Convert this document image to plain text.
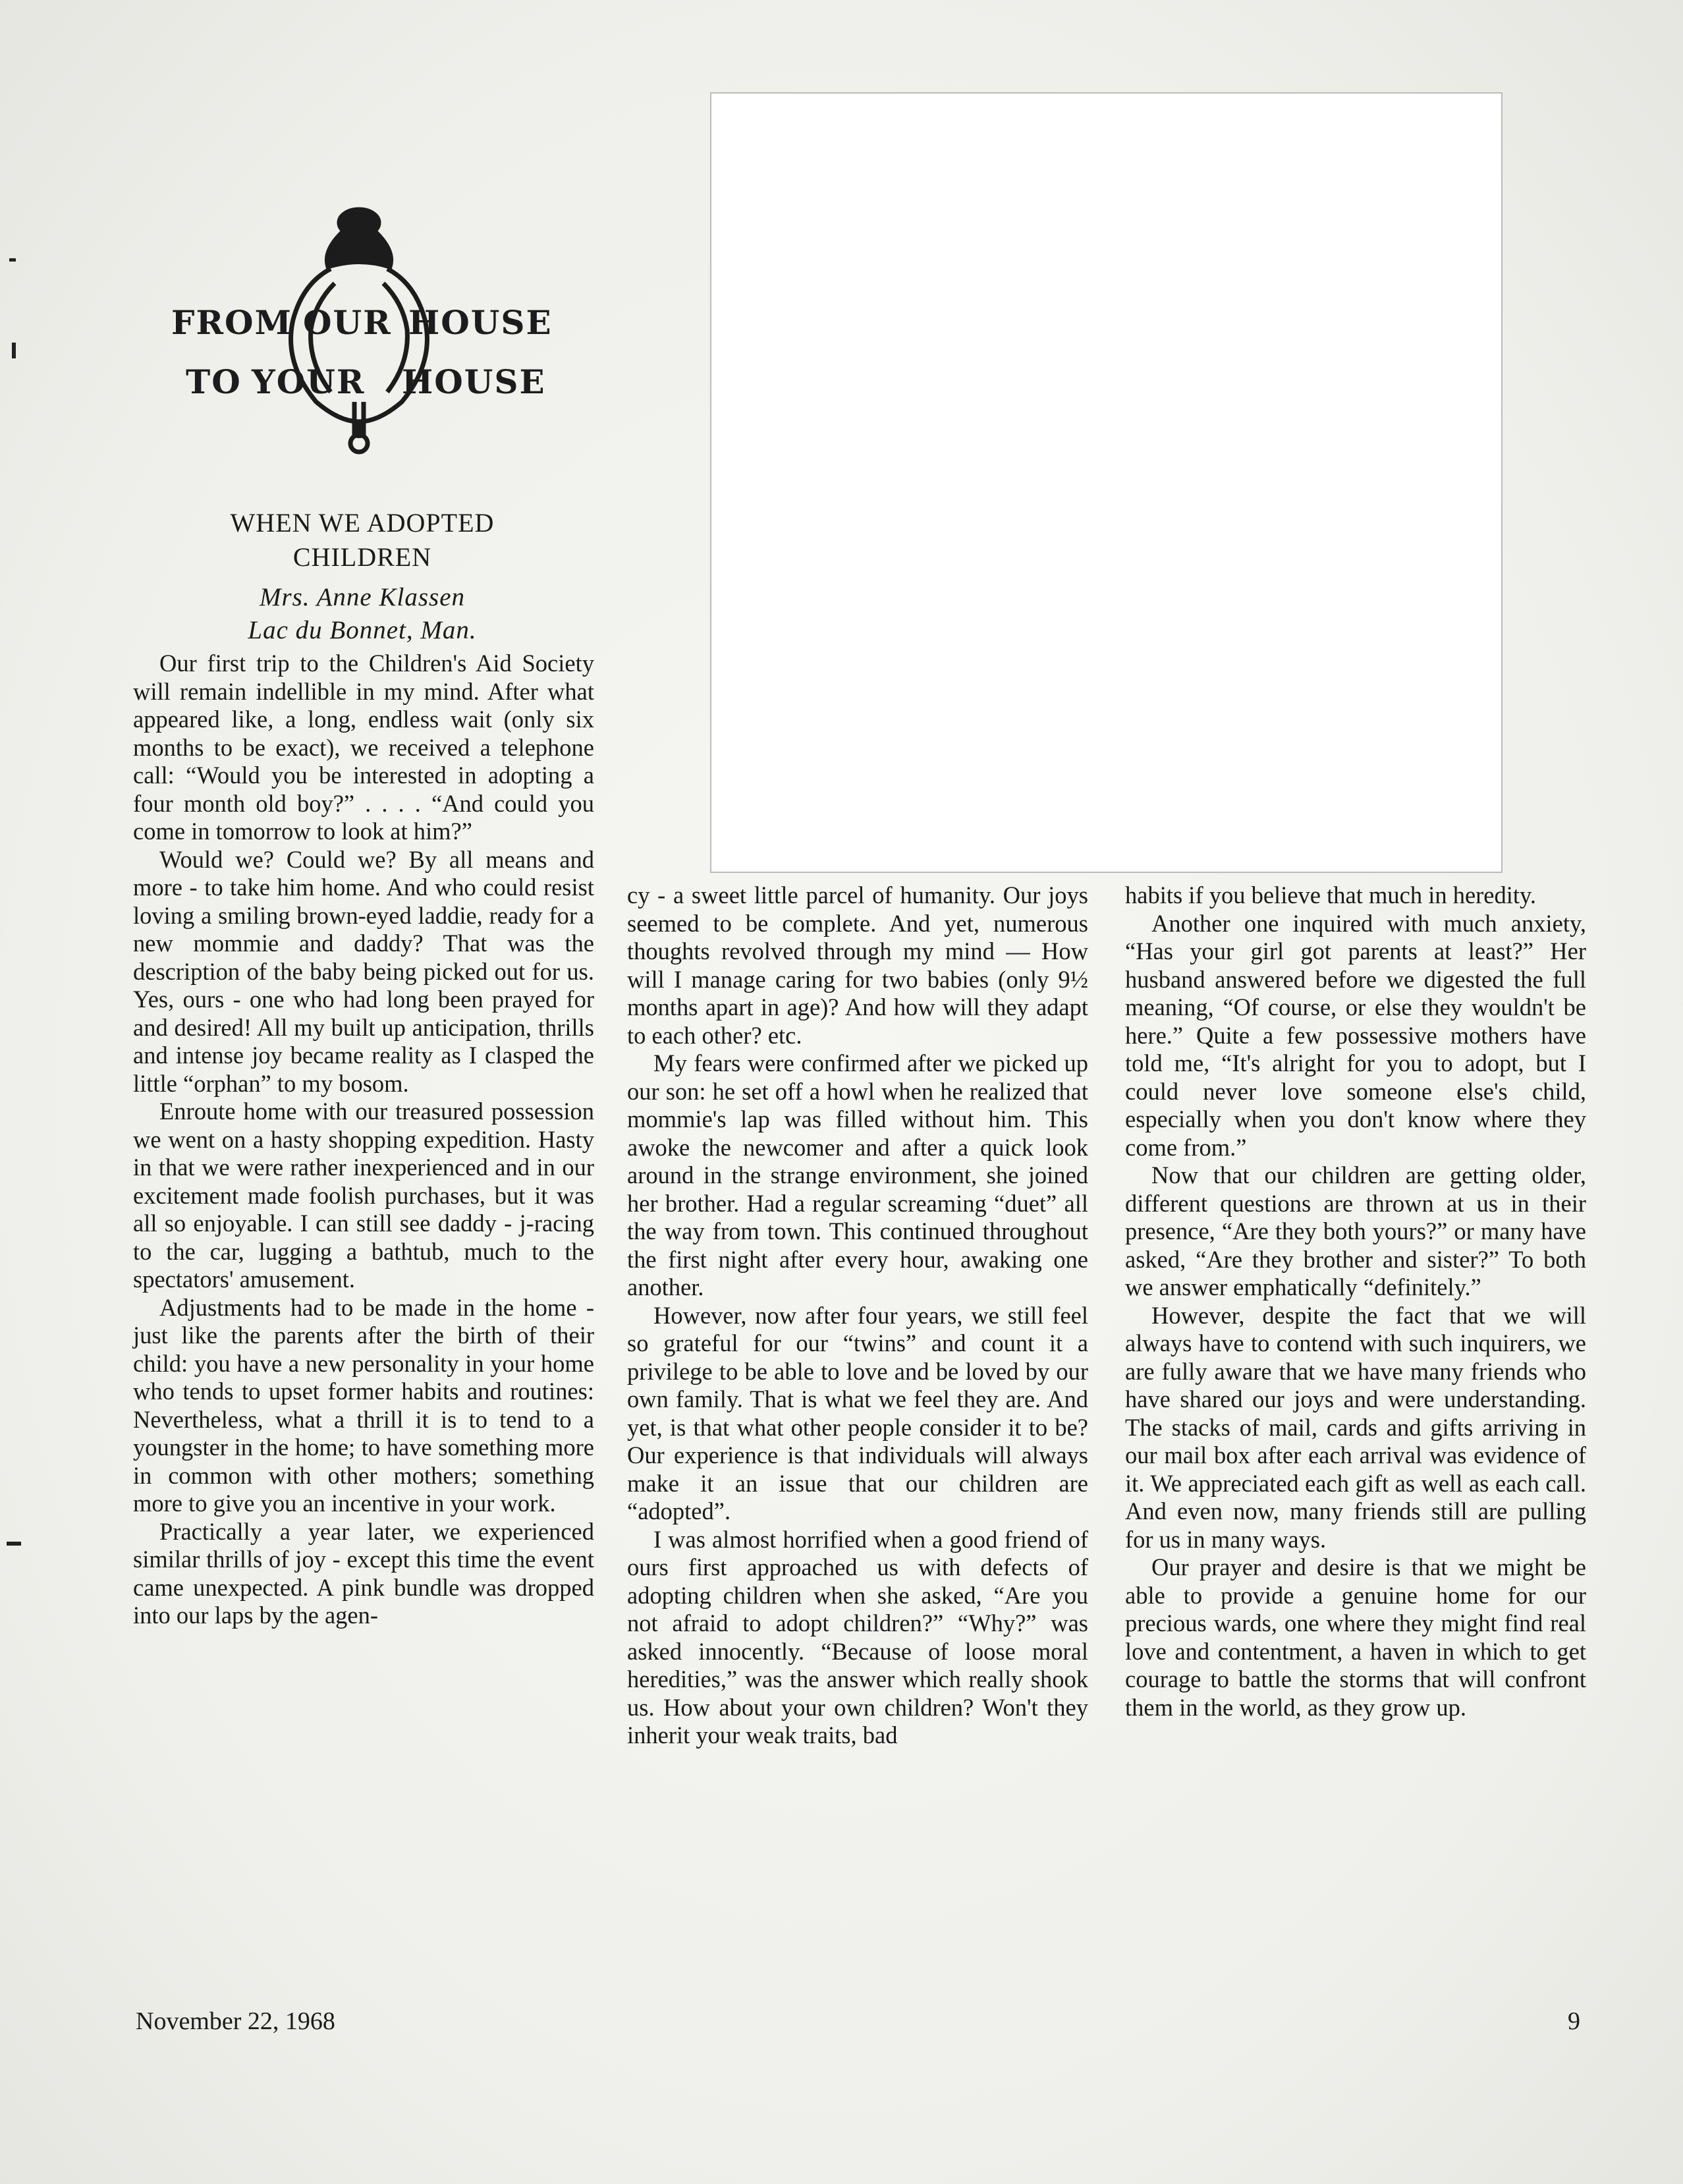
FROM OUR HOUSE
TO YOUR HOUSE
WHEN WE ADOPTED
CHILDREN
Mrs. Anne Klassen
Lac du Bonnet, Man.

Our first trip to the Children's Aid Society will remain indellible in my mind. After what appeared like, a long, endless wait (only six months to be exact), we received a telephone call: “Would you be interested in adopting a four month old boy?” . . . . “And could you come in tomorrow to look at him?”

Would we? Could we? By all means and more - to take him home. And who could resist loving a smiling brown-eyed laddie, ready for a new mommie and daddy? That was the description of the baby being picked out for us. Yes, ours - one who had long been prayed for and desired! All my built up anticipation, thrills and intense joy became reality as I clasped the little “orphan” to my bosom.

Enroute home with our treasured possession we went on a hasty shopping expedition. Hasty in that we were rather inexperienced and in our excitement made foolish purchases, but it was all so enjoyable. I can still see daddy - j-racing to the car, lugging a bathtub, much to the spectators' amusement.

Adjustments had to be made in the home - just like the parents after the birth of their child: you have a new personality in your home who tends to upset former habits and routines: Nevertheless, what a thrill it is to tend to a youngster in the home; to have something more in common with other mothers; something more to give you an incentive in your work.

Practically a year later, we experienced similar thrills of joy - except this time the event came unexpected. A pink bundle was dropped into our laps by the agen-

cy - a sweet little parcel of humanity. Our joys seemed to be complete. And yet, numerous thoughts revolved through my mind — How will I manage caring for two babies (only 9½ months apart in age)? And how will they adapt to each other? etc.

My fears were confirmed after we picked up our son: he set off a howl when he realized that mommie's lap was filled without him. This awoke the newcomer and after a quick look around in the strange environment, she joined her brother. Had a regular screaming “duet” all the way from town. This continued throughout the first night after every hour, awaking one another.

However, now after four years, we still feel so grateful for our “twins” and count it a privilege to be able to love and be loved by our own family. That is what we feel they are. And yet, is that what other people consider it to be? Our experience is that individuals will always make it an issue that our children are “adopted”.

I was almost horrified when a good friend of ours first approached us with defects of adopting children when she asked, “Are you not afraid to adopt children?” “Why?” was asked innocently. “Because of loose moral heredities,” was the answer which really shook us. How about your own children? Won't they inherit your weak traits, bad

habits if you believe that much in heredity.

Another one inquired with much anxiety, “Has your girl got parents at least?” Her husband answered before we digested the full meaning, “Of course, or else they wouldn't be here.” Quite a few possessive mothers have told me, “It's alright for you to adopt, but I could never love someone else's child, especially when you don't know where they come from.”

Now that our children are getting older, different questions are thrown at us in their presence, “Are they both yours?” or many have asked, “Are they brother and sister?” To both we answer emphatically “definitely.”

However, despite the fact that we will always have to contend with such inquirers, we are fully aware that we have many friends who have shared our joys and were understanding. The stacks of mail, cards and gifts arriving in our mail box after each arrival was evidence of it. We appreciated each gift as well as each call. And even now, many friends still are pulling for us in many ways.

Our prayer and desire is that we might be able to provide a genuine home for our precious wards, one where they might find real love and contentment, a haven in which to get courage to battle the storms that will confront them in the world, as they grow up.

November 22, 1968	9
